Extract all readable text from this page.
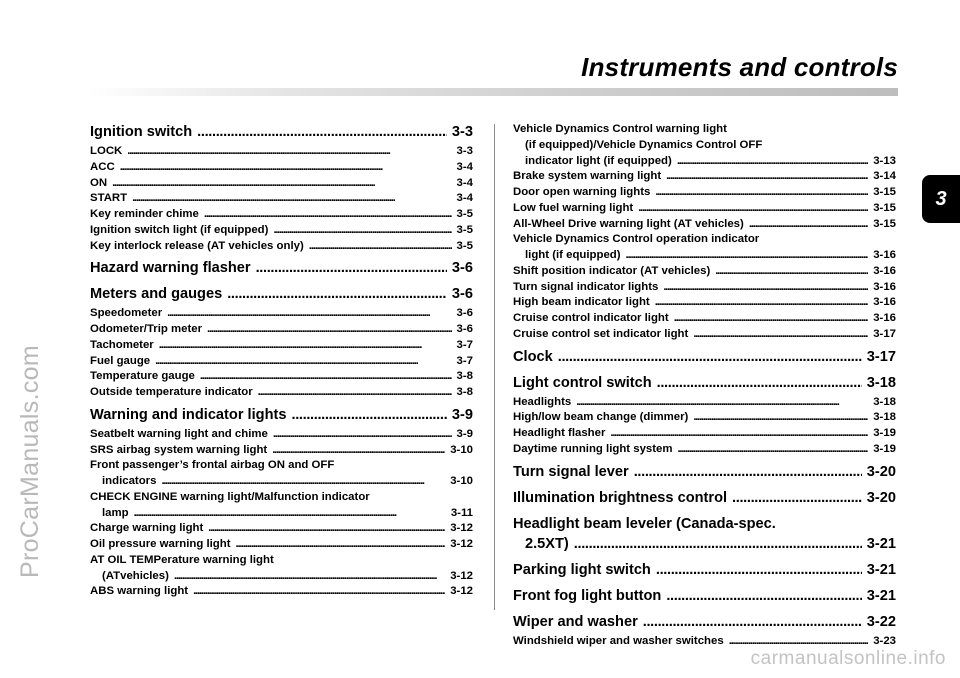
ProCarManuals.com
Instruments and controls
3
Ignition switch . . .	3-3
LOCK . . .	3-3
ACC . . .	3-4
ON . . .	3-4
START . . .	3-4
Key reminder chime . . .	3-5
Ignition switch light (if equipped) . . .	3-5
Key interlock release (AT vehicles only) . . .	3-5
Hazard warning flasher . . .	3-6
Meters and gauges . . .	3-6
Speedometer . . .	3-6
Odometer/Trip meter . . .	3-6
Tachometer . . .	3-7
Fuel gauge . . .	3-7
Temperature gauge . . .	3-8
Outside temperature indicator . . .	3-8
Warning and indicator lights . . .	3-9
Seatbelt warning light and chime . . .	3-9
SRS airbag system warning light . . .	3-10
Front passenger’s frontal airbag ON and OFF
indicators . . .	3-10
CHECK ENGINE warning light/Malfunction indicator
lamp . . .	3-11
Charge warning light . . .	3-12
Oil pressure warning light . . .	3-12
AT OIL TEMPerature warning light
(ATvehicles) . . .	3-12
ABS warning light . . .	3-12
Vehicle Dynamics Control warning light
(if equipped)/Vehicle Dynamics Control OFF
indicator light (if equipped) . . .	3-13
Brake system warning light . . .	3-14
Door open warning lights . . .	3-15
Low fuel warning light . . .	3-15
All-Wheel Drive warning light (AT vehicles) . . .	3-15
Vehicle Dynamics Control operation indicator
light (if equipped) . . .	3-16
Shift position indicator (AT vehicles) . . .	3-16
Turn signal indicator lights . . .	3-16
High beam indicator light . . .	3-16
Cruise control indicator light . . .	3-16
Cruise control set indicator light . . .	3-17
Clock . . .	3-17
Light control switch . . .	3-18
Headlights . . .	3-18
High/low beam change (dimmer) . . .	3-18
Headlight flasher . . .	3-19
Daytime running light system . . .	3-19
Turn signal lever . . .	3-20
Illumination brightness control . . .	3-20
Headlight beam leveler (Canada-spec.
2.5XT) . . .	3-21
Parking light switch . . .	3-21
Front fog light button . . .	3-21
Wiper and washer . . .	3-22
Windshield wiper and washer switches . . .	3-23
carmanualsonline.info
